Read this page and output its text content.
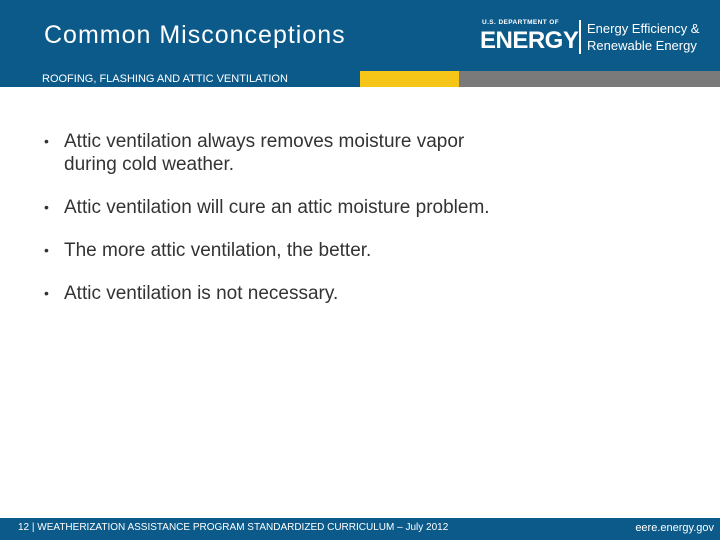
Common Misconceptions	U.S. DEPARTMENT OF
ENERGY Energy Efficiency &
Renewable Energy
ROOFING, FLASHING AND ATTIC VENTILATION
• Attic ventilation always removes moisture vapor during cold weather.
• Attic ventilation will cure an attic moisture problem.
• The more attic ventilation, the better.
• Attic ventilation is not necessary.
12 | WEATHERIZATION ASSISTANCE PROGRAM STANDARDIZED CURRICULUM – July 2012	eere.energy.gov
